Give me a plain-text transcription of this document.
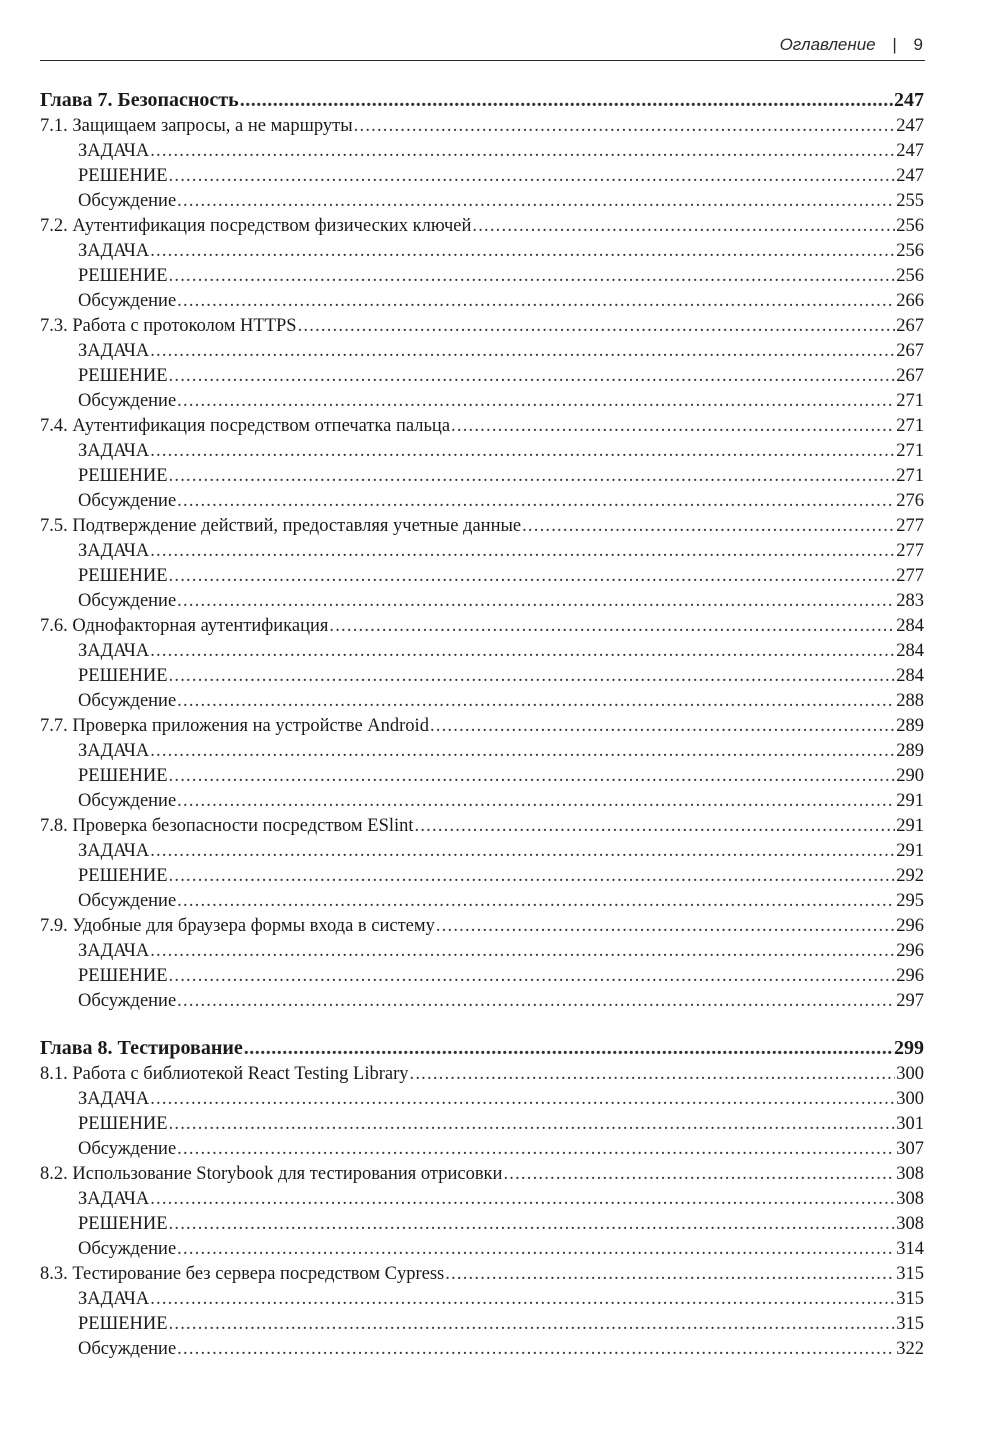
Оглавление | 9
Глава 7. Безопасность .....	247
7.1. Защищаем запросы, а не маршруты .....	247
ЗАДАЧА .....	247
РЕШЕНИЕ .....	247
Обсуждение .....	255
7.2. Аутентификация посредством физических ключей .....	256
ЗАДАЧА .....	256
РЕШЕНИЕ .....	256
Обсуждение .....	266
7.3. Работа с протоколом HTTPS .....	267
ЗАДАЧА .....	267
РЕШЕНИЕ .....	267
Обсуждение .....	271
7.4. Аутентификация посредством отпечатка пальца .....	271
ЗАДАЧА .....	271
РЕШЕНИЕ .....	271
Обсуждение .....	276
7.5. Подтверждение действий, предоставляя учетные данные .....	277
ЗАДАЧА .....	277
РЕШЕНИЕ .....	277
Обсуждение .....	283
7.6. Однофакторная аутентификация .....	284
ЗАДАЧА .....	284
РЕШЕНИЕ .....	284
Обсуждение .....	288
7.7. Проверка приложения на устройстве Android .....	289
ЗАДАЧА .....	289
РЕШЕНИЕ .....	290
Обсуждение .....	291
7.8. Проверка безопасности посредством ESlint .....	291
ЗАДАЧА .....	291
РЕШЕНИЕ .....	292
Обсуждение .....	295
7.9. Удобные для браузера формы входа в систему .....	296
ЗАДАЧА .....	296
РЕШЕНИЕ .....	296
Обсуждение .....	297
Глава 8. Тестирование .....	299
8.1. Работа с библиотекой React Testing Library .....	300
ЗАДАЧА .....	300
РЕШЕНИЕ .....	301
Обсуждение .....	307
8.2. Использование Storybook для тестирования отрисовки .....	308
ЗАДАЧА .....	308
РЕШЕНИЕ .....	308
Обсуждение .....	314
8.3. Тестирование без сервера посредством Cypress .....	315
ЗАДАЧА .....	315
РЕШЕНИЕ .....	315
Обсуждение .....	322
